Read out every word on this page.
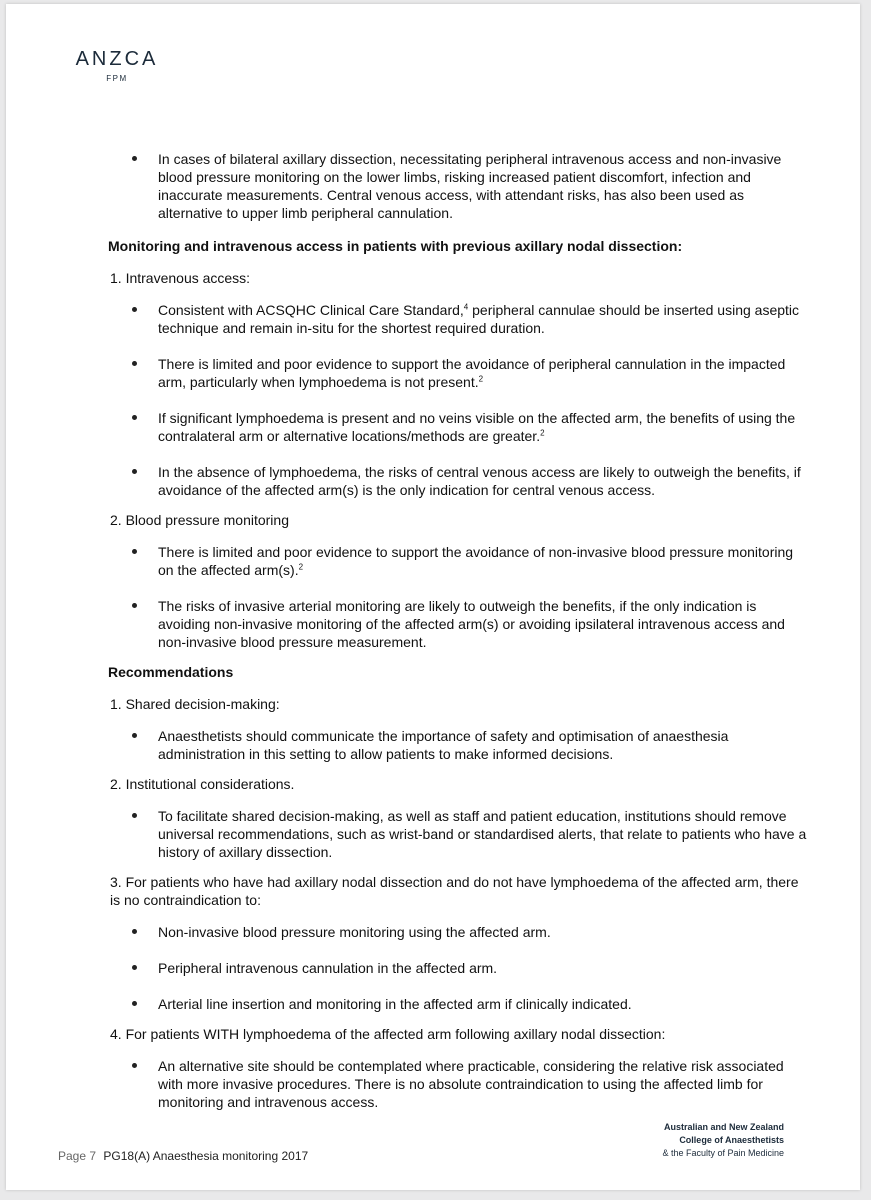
ANZCA
FPM
In cases of bilateral axillary dissection, necessitating peripheral intravenous access and non-invasive blood pressure monitoring on the lower limbs, risking increased patient discomfort, infection and inaccurate measurements. Central venous access, with attendant risks, has also been used as alternative to upper limb peripheral cannulation.
Monitoring and intravenous access in patients with previous axillary nodal dissection:
1. Intravenous access:
Consistent with ACSQHC Clinical Care Standard,$^4$ peripheral cannulae should be inserted using aseptic technique and remain in-situ for the shortest required duration.
There is limited and poor evidence to support the avoidance of peripheral cannulation in the impacted arm, particularly when lymphoedema is not present.$^2$
If significant lymphoedema is present and no veins visible on the affected arm, the benefits of using the contralateral arm or alternative locations/methods are greater.$^2$
In the absence of lymphoedema, the risks of central venous access are likely to outweigh the benefits, if avoidance of the affected arm(s) is the only indication for central venous access.
2. Blood pressure monitoring
There is limited and poor evidence to support the avoidance of non-invasive blood pressure monitoring on the affected arm(s).$^2$
The risks of invasive arterial monitoring are likely to outweigh the benefits, if the only indication is avoiding non-invasive monitoring of the affected arm(s) or avoiding ipsilateral intravenous access and non-invasive blood pressure measurement.
Recommendations
1. Shared decision-making:
Anaesthetists should communicate the importance of safety and optimisation of anaesthesia administration in this setting to allow patients to make informed decisions.
2. Institutional considerations.
To facilitate shared decision-making, as well as staff and patient education, institutions should remove universal recommendations, such as wrist-band or standardised alerts, that relate to patients who have a history of axillary dissection.
3. For patients who have had axillary nodal dissection and do not have lymphoedema of the affected arm, there is no contraindication to:
Non-invasive blood pressure monitoring using the affected arm.
Peripheral intravenous cannulation in the affected arm.
Arterial line insertion and monitoring in the affected arm if clinically indicated.
4. For patients WITH lymphoedema of the affected arm following axillary nodal dissection:
An alternative site should be contemplated where practicable, considering the relative risk associated with more invasive procedures. There is no absolute contraindication to using the affected limb for monitoring and intravenous access.
Page 7 PG18(A) Anaesthesia monitoring 2017
Australian and New Zealand
College of Anaesthetists
& the Faculty of Pain Medicine
